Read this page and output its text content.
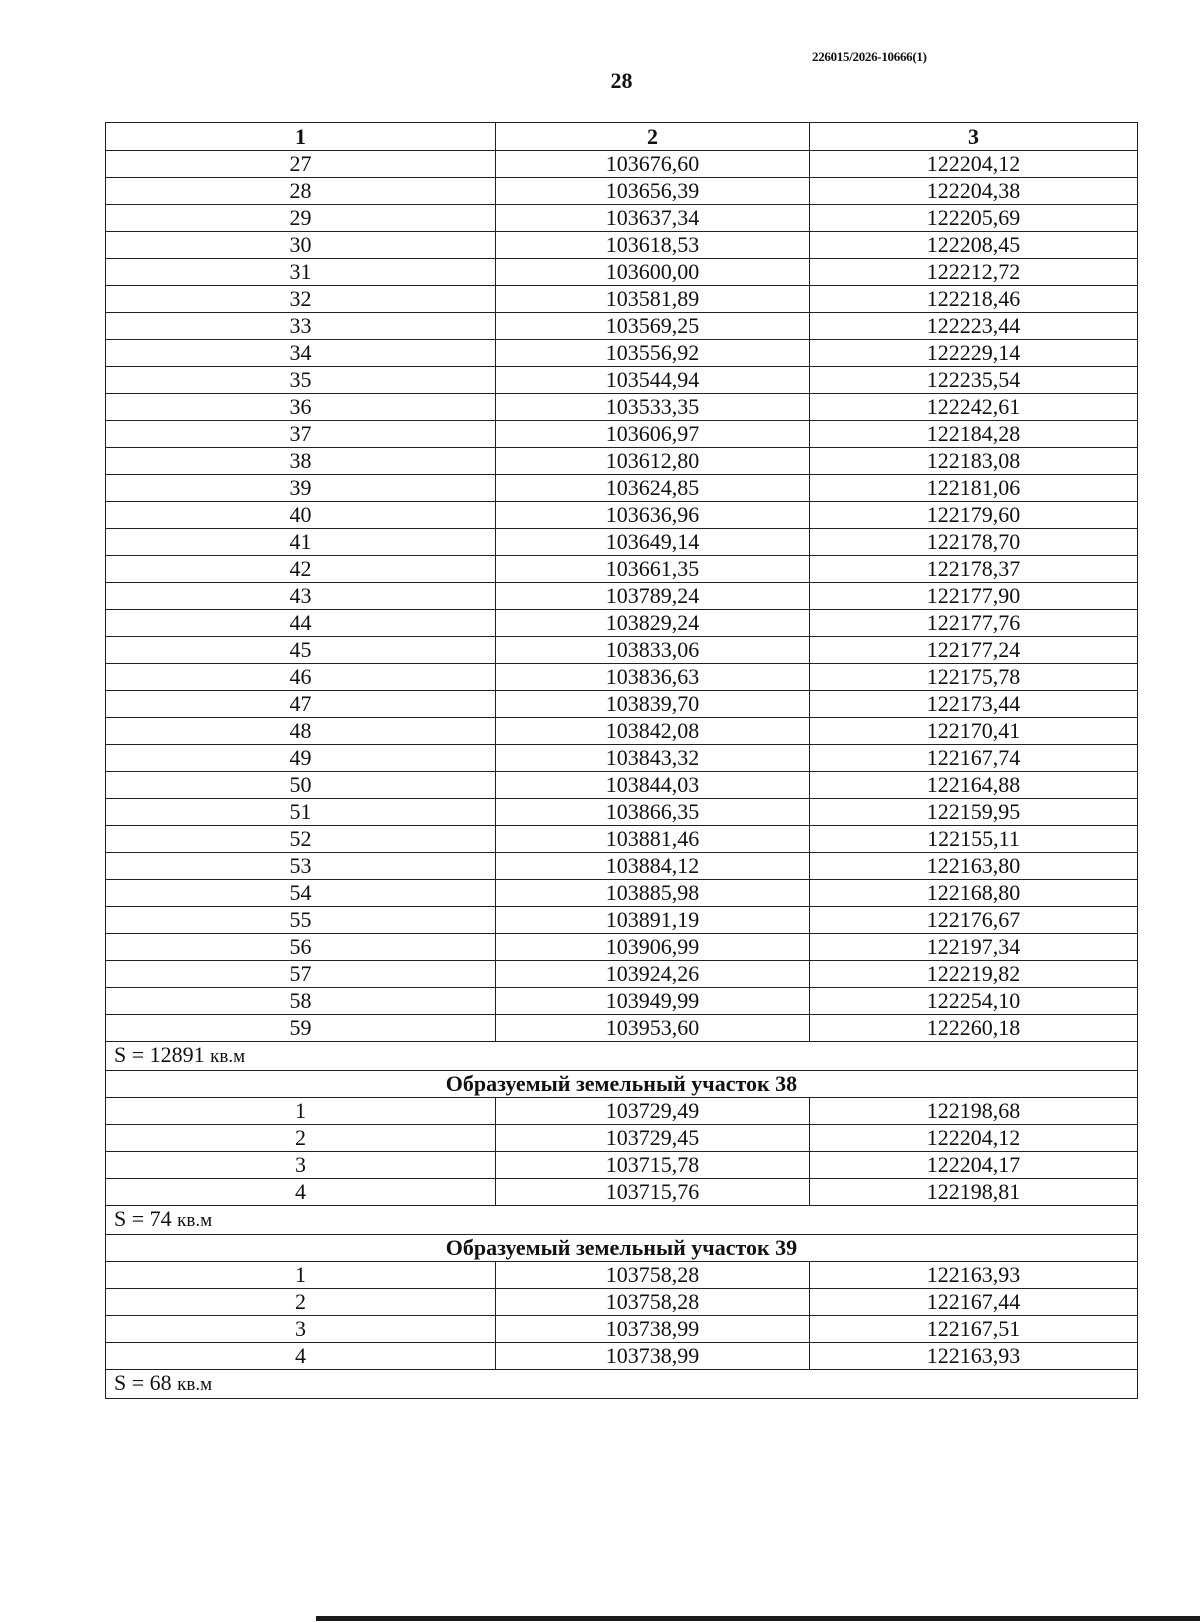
226015/2026-10666(1)
28
1	2	3
27	103676,60	122204,12
28	103656,39	122204,38
29	103637,34	122205,69
30	103618,53	122208,45
31	103600,00	122212,72
32	103581,89	122218,46
33	103569,25	122223,44
34	103556,92	122229,14
35	103544,94	122235,54
36	103533,35	122242,61
37	103606,97	122184,28
38	103612,80	122183,08
39	103624,85	122181,06
40	103636,96	122179,60
41	103649,14	122178,70
42	103661,35	122178,37
43	103789,24	122177,90
44	103829,24	122177,76
45	103833,06	122177,24
46	103836,63	122175,78
47	103839,70	122173,44
48	103842,08	122170,41
49	103843,32	122167,74
50	103844,03	122164,88
51	103866,35	122159,95
52	103881,46	122155,11
53	103884,12	122163,80
54	103885,98	122168,80
55	103891,19	122176,67
56	103906,99	122197,34
57	103924,26	122219,82
58	103949,99	122254,10
59	103953,60	122260,18
S = 12891 кв.м		
Образуемый земельный участок 38		
1	103729,49	122198,68
2	103729,45	122204,12
3	103715,78	122204,17
4	103715,76	122198,81
S = 74 кв.м		
Образуемый земельный участок 39		
1	103758,28	122163,93
2	103758,28	122167,44
3	103738,99	122167,51
4	103738,99	122163,93
S = 68 кв.м		
